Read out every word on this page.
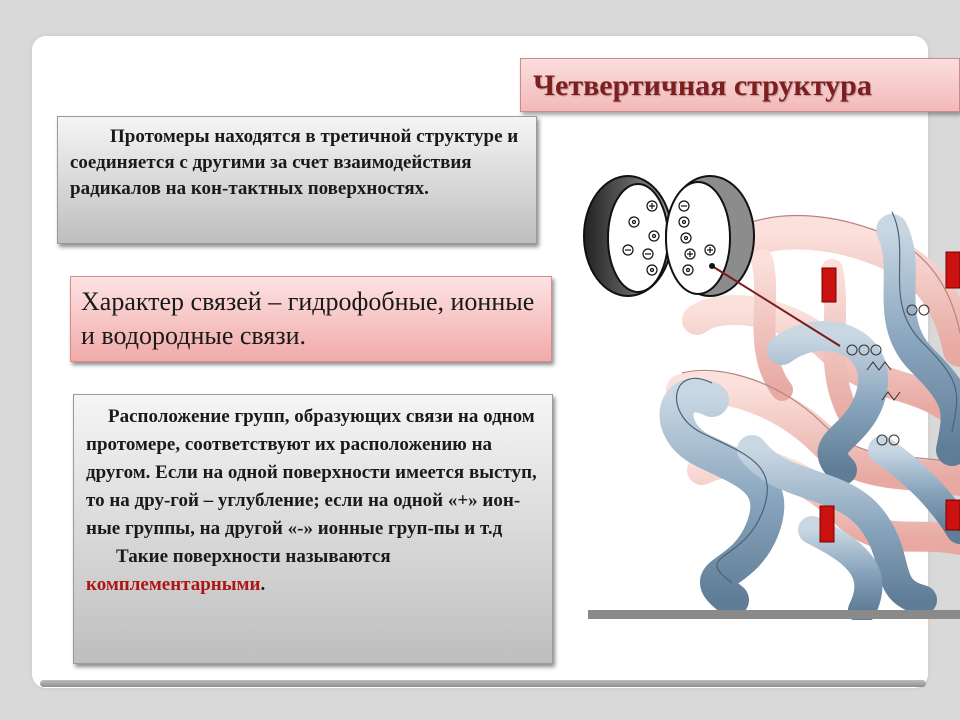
Четвертичная структура
Протомеры находятся в третичной структуре и соединяется с другими за счет взаимодействия радикалов на кон-тактных поверхностях.
Характер связей – гидрофобные, ионные и водородные связи.

Расположение групп, образующих связи на одном протомере, соответствуют их расположению на другом. Если на одной поверхности имеется выступ, то на дру-гой – углубление; если на одной «+» ион-ные группы, на другой «-» ионные груп-пы и т.д

Такие поверхности называются комплементарными.
